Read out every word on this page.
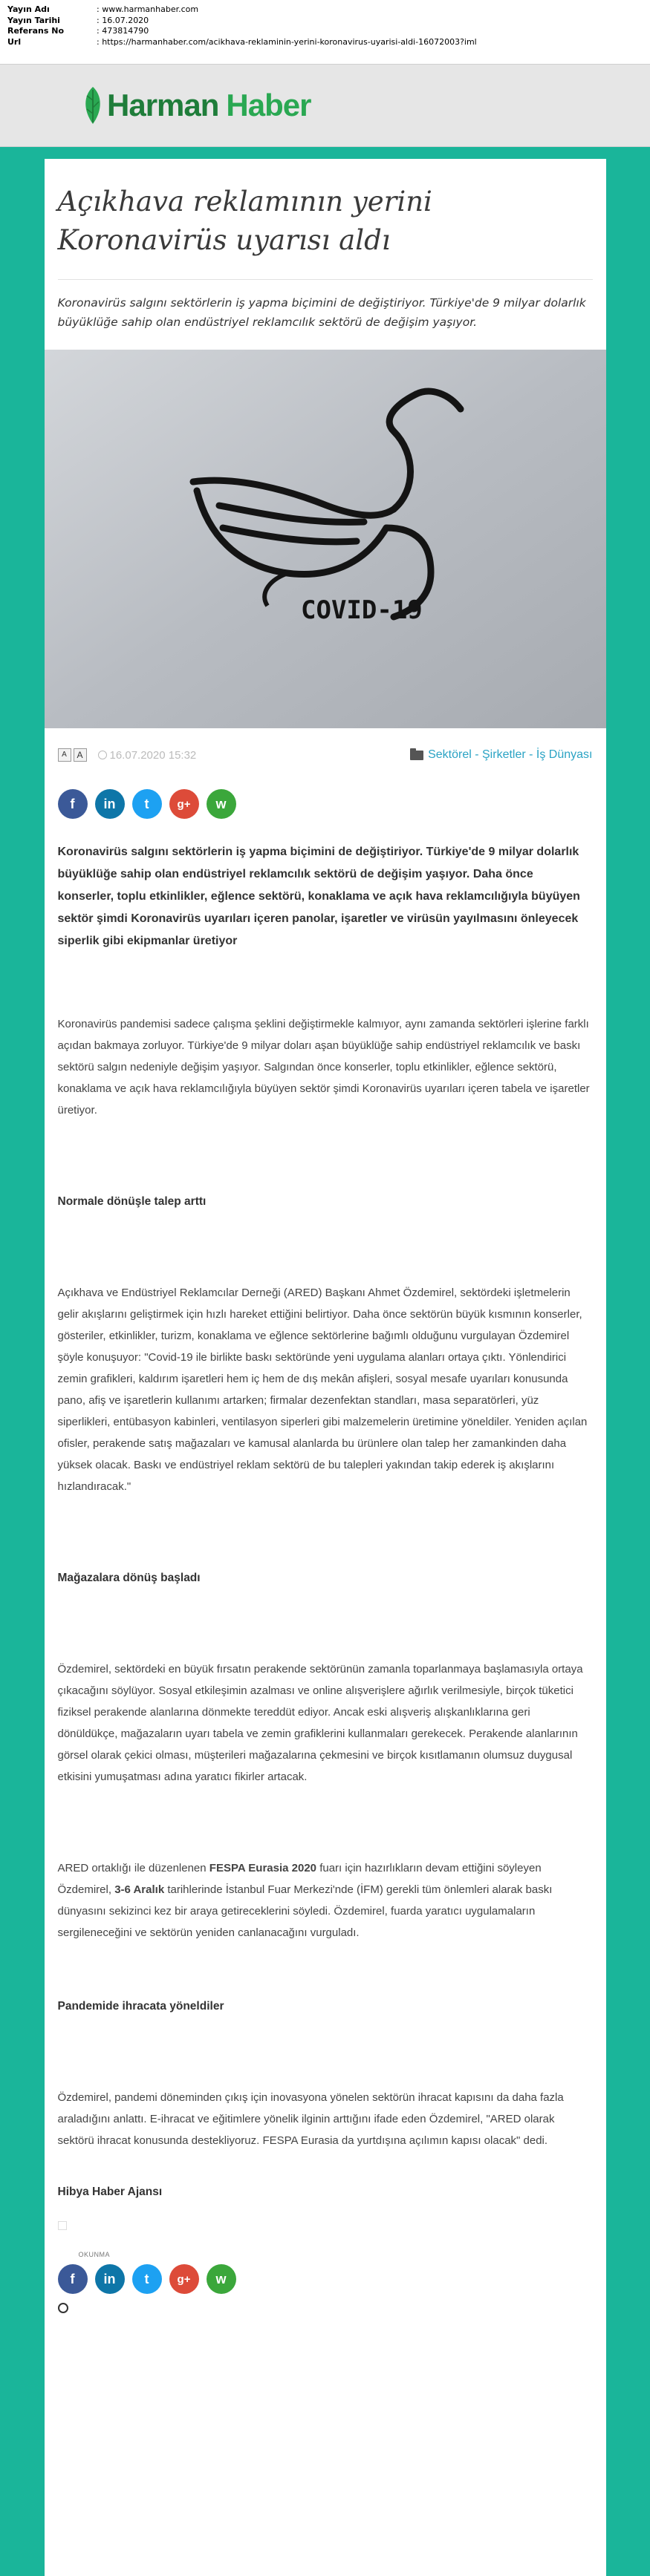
Yayın Adı	: www.harmanhaber.com
Yayın Tarihi	: 16.07.2020
Referans No	: 473814790
Url	: https://harmanhaber.com/acikhava-reklaminin-yerini-koronavirus-uyarisi-aldi-16072003?iml
Harman Haber
Açıkhava reklamının yerini Koronavirüs uyarısı aldı
Koronavirüs salgını sektörlerin iş yapma biçimini de değiştiriyor. Türkiye'de 9 milyar dolarlık büyüklüğe sahip olan endüstriyel reklamcılık sektörü de değişim yaşıyor.
COVID-19
A	A	16.07.2020 15:32	Sektörel - Şirketler - İş Dünyası
f	in	t	g+	w

Koronavirüs salgını sektörlerin iş yapma biçimini de değiştiriyor. Türkiye'de 9 milyar dolarlık büyüklüğe sahip olan endüstriyel reklamcılık sektörü de değişim yaşıyor. Daha önce konserler, toplu etkinlikler, eğlence sektörü, konaklama ve açık hava reklamcılığıyla büyüyen sektör şimdi Koronavirüs uyarıları içeren panolar, işaretler ve virüsün yayılmasını önleyecek siperlik gibi ekipmanlar üretiyor

Koronavirüs pandemisi sadece çalışma şeklini değiştirmekle kalmıyor, aynı zamanda sektörleri işlerine farklı açıdan bakmaya zorluyor. Türkiye'de 9 milyar doları aşan büyüklüğe sahip endüstriyel reklamcılık ve baskı sektörü salgın nedeniyle değişim yaşıyor. Salgından önce konserler, toplu etkinlikler, eğlence sektörü, konaklama ve açık hava reklamcılığıyla büyüyen sektör şimdi Koronavirüs uyarıları içeren tabela ve işaretler üretiyor.

Normale dönüşle talep arttı

Açıkhava ve Endüstriyel Reklamcılar Derneği (ARED) Başkanı Ahmet Özdemirel, sektördeki işletmelerin gelir akışlarını geliştirmek için hızlı hareket ettiğini belirtiyor. Daha önce sektörün büyük kısmının konserler, gösteriler, etkinlikler, turizm, konaklama ve eğlence sektörlerine bağımlı olduğunu vurgulayan Özdemirel şöyle konuşuyor: "Covid-19 ile birlikte baskı sektöründe yeni uygulama alanları ortaya çıktı. Yönlendirici zemin grafikleri, kaldırım işaretleri hem iç hem de dış mekân afişleri, sosyal mesafe uyarıları konusunda pano, afiş ve işaretlerin kullanımı artarken; firmalar dezenfektan standları, masa separatörleri, yüz siperlikleri, entübasyon kabinleri, ventilasyon siperleri gibi malzemelerin üretimine yöneldiler. Yeniden açılan ofisler, perakende satış mağazaları ve kamusal alanlarda bu ürünlere olan talep her zamankinden daha yüksek olacak. Baskı ve endüstriyel reklam sektörü de bu talepleri yakından takip ederek iş akışlarını hızlandıracak."

Mağazalara dönüş başladı

Özdemirel, sektördeki en büyük fırsatın perakende sektörünün zamanla toparlanmaya başlamasıyla ortaya çıkacağını söylüyor. Sosyal etkileşimin azalması ve online alışverişlere ağırlık verilmesiyle, birçok tüketici fiziksel perakende alanlarına dönmekte tereddüt ediyor. Ancak eski alışveriş alışkanlıklarına geri dönüldükçe, mağazaların uyarı tabela ve zemin grafiklerini kullanmaları gerekecek. Perakende alanlarının görsel olarak çekici olması, müşterileri mağazalarına çekmesini ve birçok kısıtlamanın olumsuz duygusal etkisini yumuşatması adına yaratıcı fikirler artacak.

ARED ortaklığı ile düzenlenen FESPA Eurasia 2020 fuarı için hazırlıkların devam ettiğini söyleyen Özdemirel, 3-6 Aralık tarihlerinde İstanbul Fuar Merkezi'nde (İFM) gerekli tüm önlemleri alarak baskı dünyasını sekizinci kez bir araya getireceklerini söyledi. Özdemirel, fuarda yaratıcı uygulamaların sergileneceğini ve sektörün yeniden canlanacağını vurguladı.

Pandemide ihracata yöneldiler

Özdemirel, pandemi döneminden çıkış için inovasyona yönelen sektörün ihracat kapısını da daha fazla araladığını anlattı. E-ihracat ve eğitimlere yönelik ilginin arttığını ifade eden Özdemirel, "ARED olarak sektörü ihracat konusunda destekliyoruz. FESPA Eurasia da yurtdışına açılımın kapısı olacak" dedi.

Hibya Haber Ajansı
OKUNMA
f	in	t	g+	w
